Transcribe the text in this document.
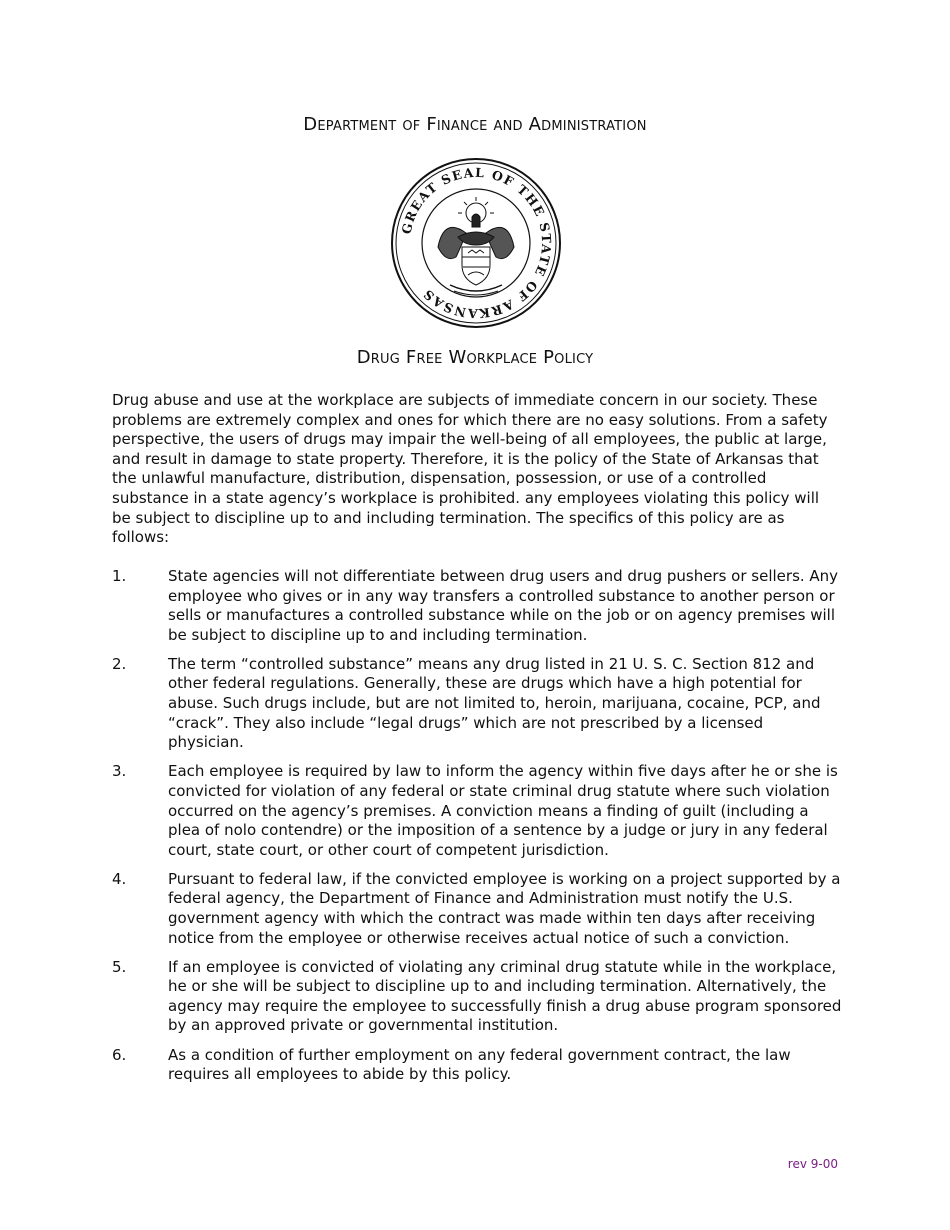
Department of Finance and Administration
GREAT SEAL OF THE STATE OF ARKANSAS
Drug Free Workplace Policy

Drug abuse and use at the workplace are subjects of immediate concern in our society. These problems are extremely complex and ones for which there are no easy solutions. From a safety perspective, the users of drugs may impair the well-being of all employees, the public at large, and result in damage to state property. Therefore, it is the policy of the State of Arkansas that the unlawful manufacture, distribution, dispensation, possession, or use of a controlled substance in a state agency’s workplace is prohibited. any employees violating this policy will be subject to discipline up to and including termination. The specifics of this policy are as follows:

1.	State agencies will not differentiate between drug users and drug pushers or sellers. Any employee who gives or in any way transfers a controlled substance to another person or sells or manufactures a controlled substance while on the job or on agency premises will be subject to discipline up to and including termination.
2.	The term “controlled substance” means any drug listed in 21 U. S. C. Section 812 and other federal regulations. Generally, these are drugs which have a high potential for abuse. Such drugs include, but are not limited to, heroin, marijuana, cocaine, PCP, and “crack”. They also include “legal drugs” which are not prescribed by a licensed physician.
3.	Each employee is required by law to inform the agency within five days after he or she is convicted for violation of any federal or state criminal drug statute where such violation occurred on the agency’s premises. A conviction means a finding of guilt (including a plea of nolo contendre) or the imposition of a sentence by a judge or jury in any federal court, state court, or other court of competent jurisdiction.
4.	Pursuant to federal law, if the convicted employee is working on a project supported by a federal agency, the Department of Finance and Administration must notify the U.S. government agency with which the contract was made within ten days after receiving notice from the employee or otherwise receives actual notice of such a conviction.
5.	If an employee is convicted of violating any criminal drug statute while in the workplace, he or she will be subject to discipline up to and including termination. Alternatively, the agency may require the employee to successfully finish a drug abuse program sponsored by an approved private or governmental institution.
6.	As a condition of further employment on any federal government contract, the law requires all employees to abide by this policy.
rev 9-00
